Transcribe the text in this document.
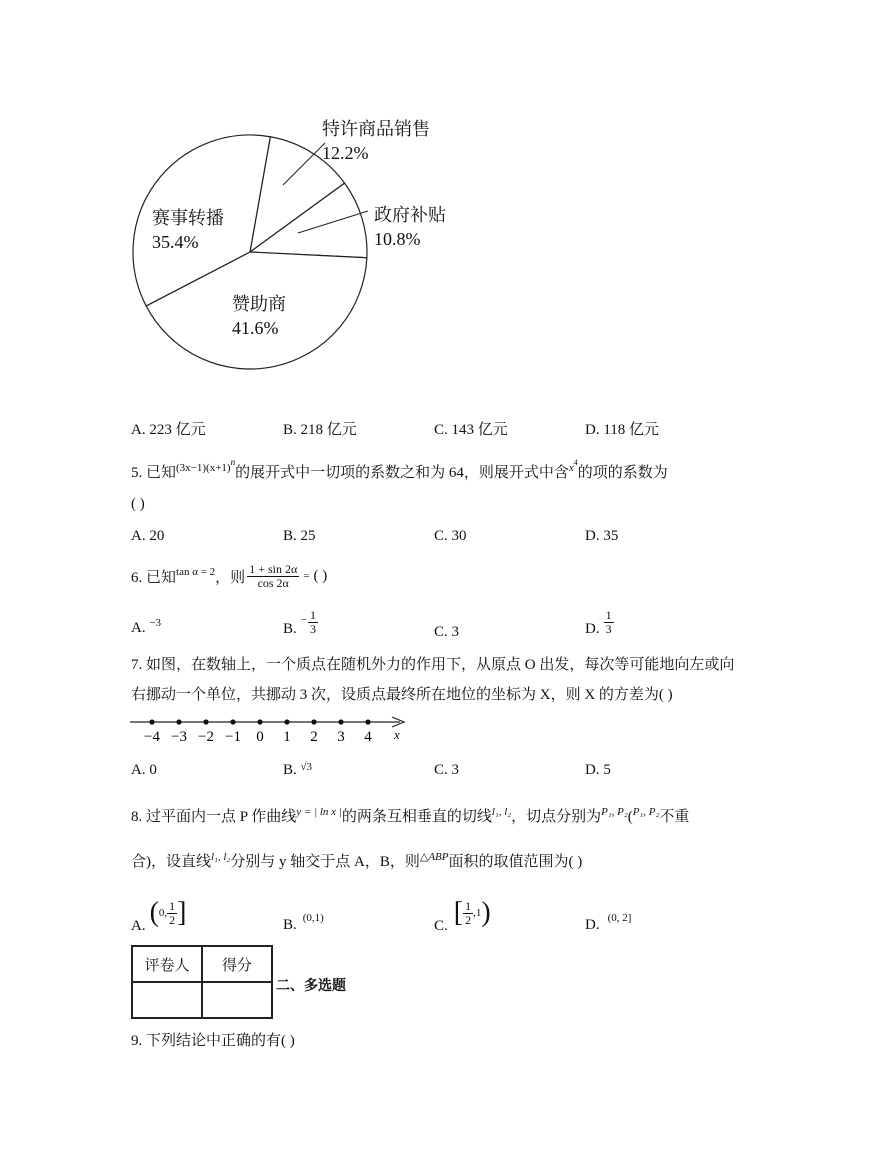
特许商品销售
12.2%
政府补贴
10.8%
赞助商
41.6%
赛事转播
35.4%
A. 223 亿元	B. 218 亿元	C. 143 亿元	D. 118 亿元
5. 已知$^{(3x-1)(x+1)n}$的展开式中一切项的系数之和为 64，则展开式中含$^{x4}$的项的系数为
( )
A. 20	B. 25	C. 30	D. 35
6. 已知 tan α = 2 ，则 $\frac{1 + \sin 2\alpha}{\cos 2\alpha}$ = ( )
A. $^{-3}$	B.
− $\frac{1}{3}$	C. 3	D. $\frac{1}{3}$
7. 如图，在数轴上，一个质点在随机外力的作用下，从原点 O 出发，每次等可能地向左或向
右挪动一个单位，共挪动 3 次，设质点最终所在地位的坐标为 X，则 X 的方差为( )
−4 −3 −2 −1 0 1 2 3 4 x
A. 0	B. $^{√3}$	C. 3	D. 5
8. 过平面内一点 P 作曲线$^{y = | ln x |}$的两条互相垂直的切线$^{l_1, l_2}$，切点分别为$^{P_1, P_2}$($^{P_1, P_2}$不重
合)，设直线$^{l_1, l_2}$分别与 y 轴交于点 A，B，则$^{\triangle ABP}$面积的取值范围为( )
A. ( 0, $\frac{1}{2}$ ]	B. (0,1)	C. [ $\frac{1}{2} ,1$ )	D. (0, 2]
评卷人	得分

二、多选题
9. 下列结论中正确的有( )
